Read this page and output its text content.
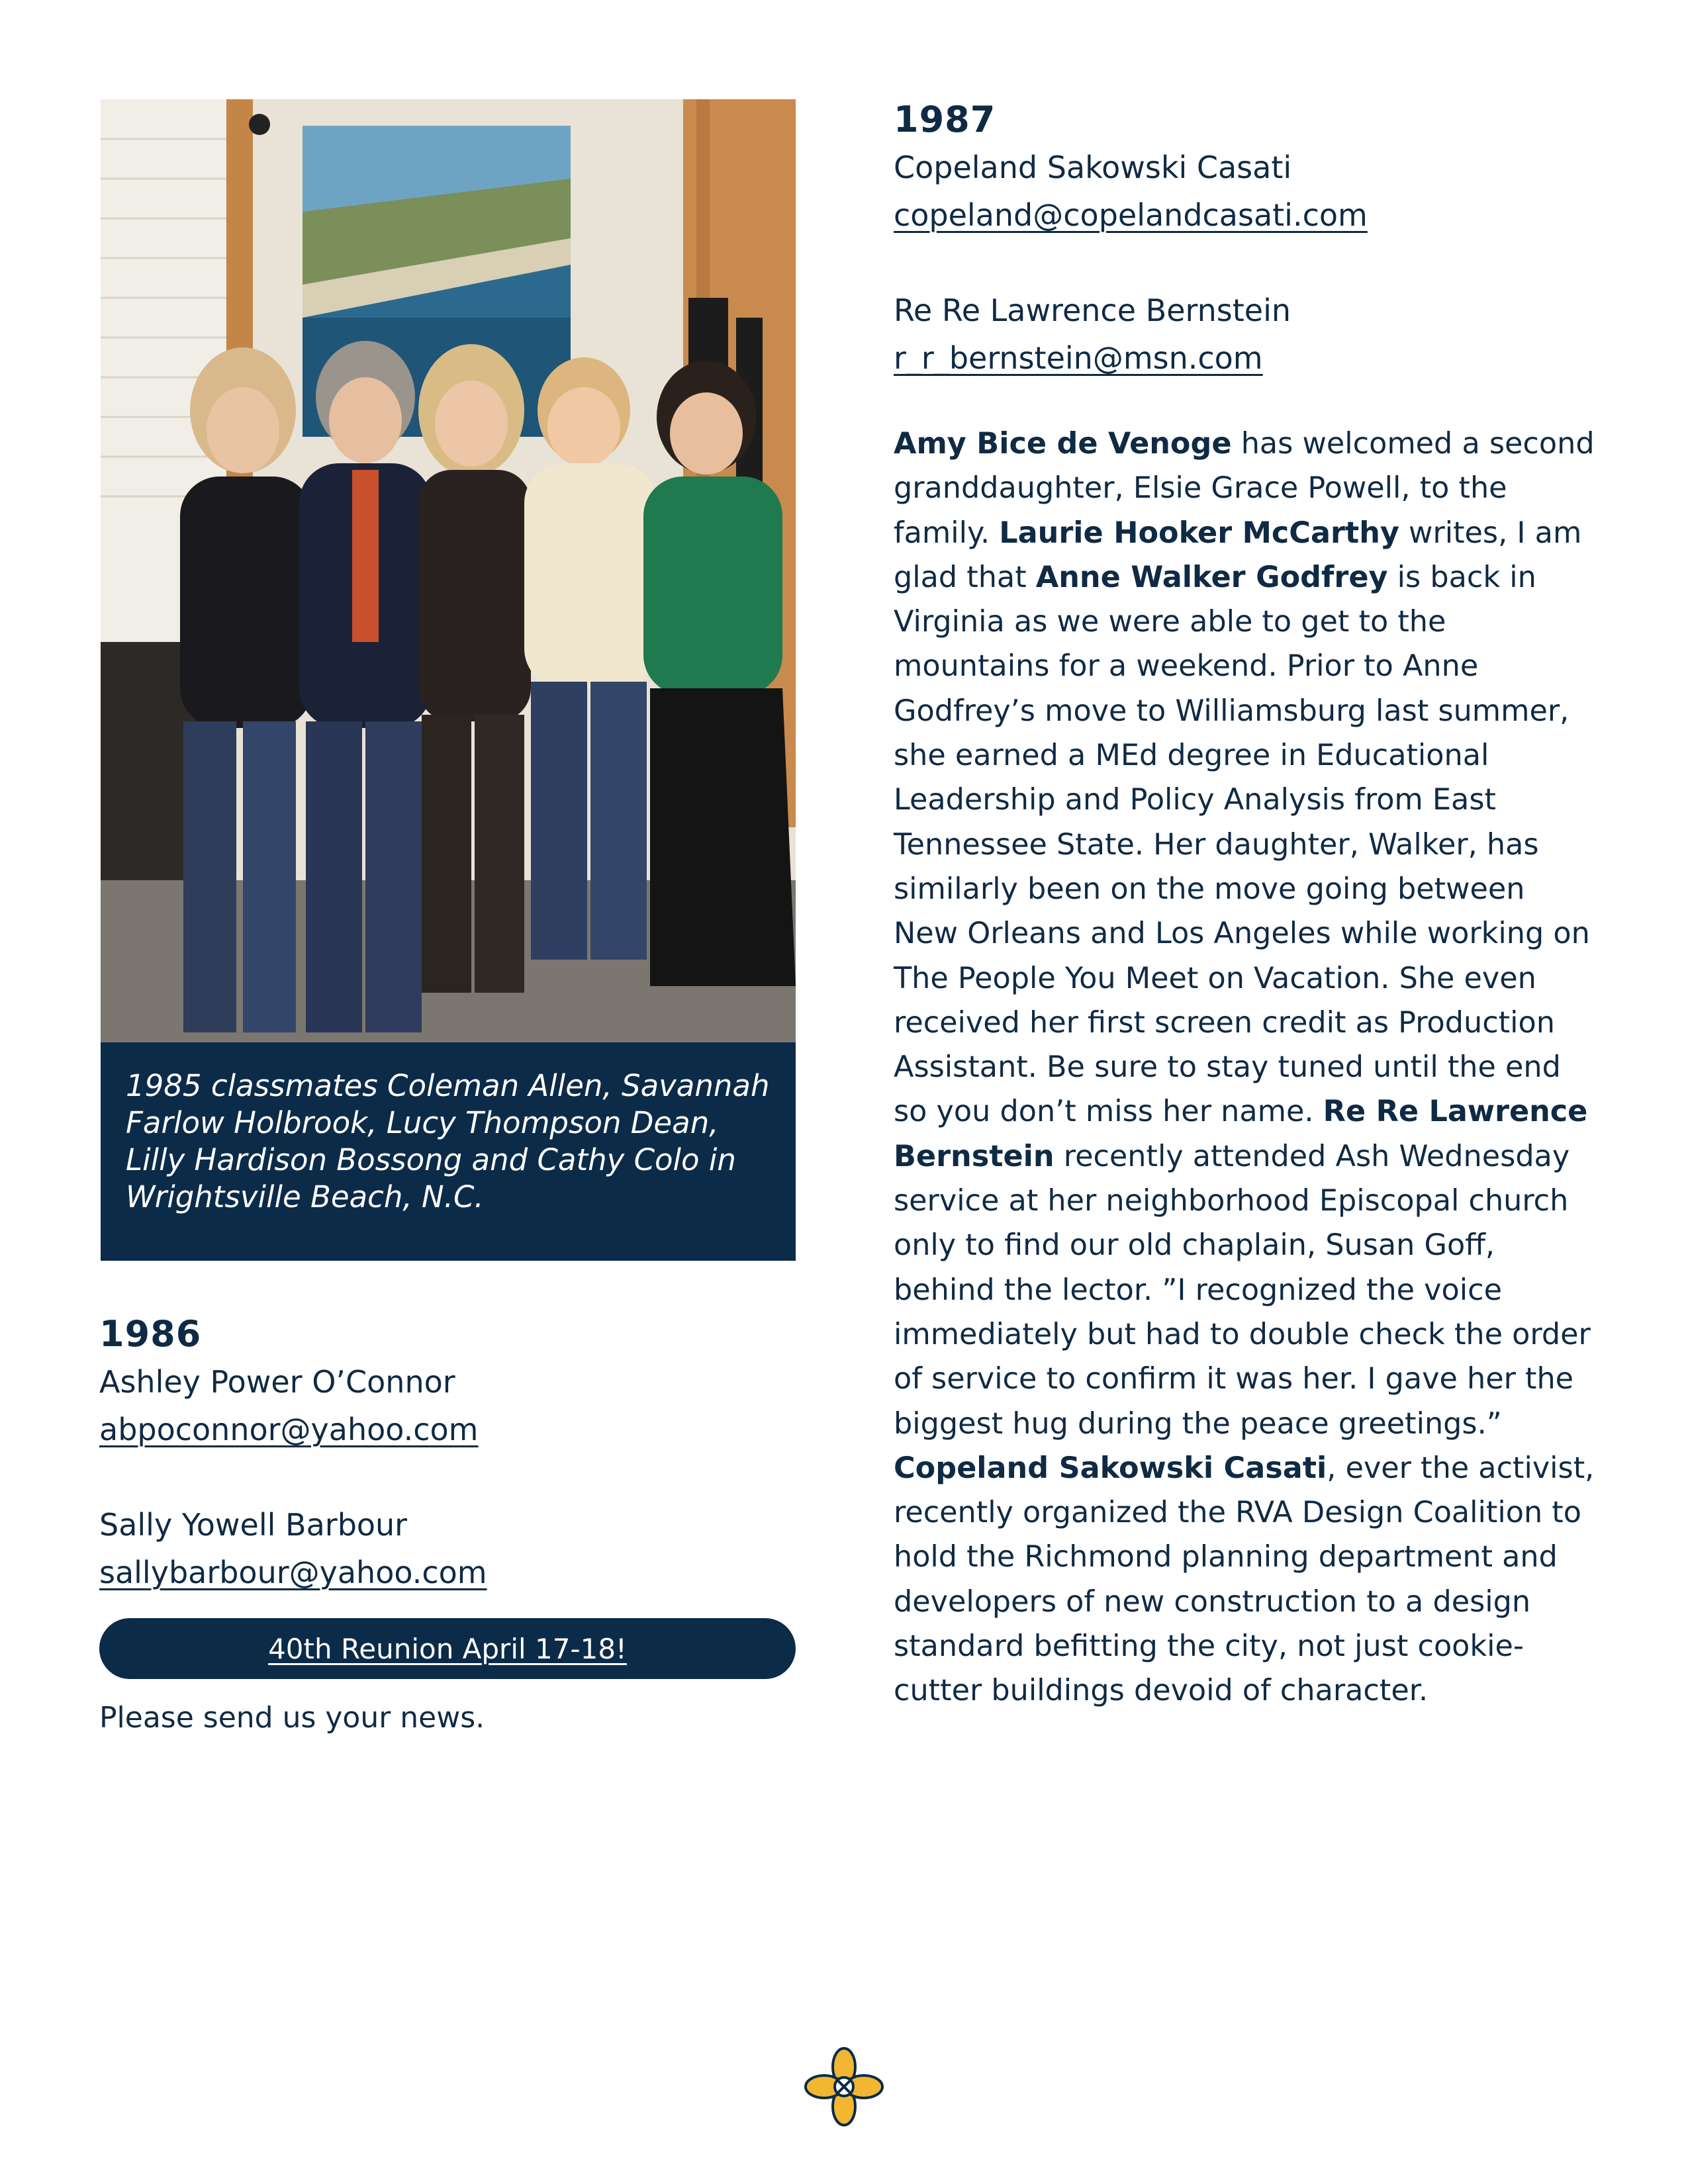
1985 classmates Coleman Allen, Savannah Farlow Holbrook, Lucy Thompson Dean, Lilly Hardison Bossong and Cathy Colo in Wrightsville Beach, N.C.
1986
Ashley Power O’Connor
abpoconnor@yahoo.com
Sally Yowell Barbour
sallybarbour@yahoo.com
40th Reunion April 17-18!
Please send us your news.
1987
Copeland Sakowski Casati
copeland@copelandcasati.com
Re Re Lawrence Bernstein
r_r_bernstein@msn.com
Amy Bice de Venoge has welcomed a second granddaughter, Elsie Grace Powell, to the family. Laurie Hooker McCarthy writes, I am glad that Anne Walker Godfrey is back in Virginia as we were able to get to the mountains for a weekend. Prior to Anne Godfrey’s move to Williamsburg last summer, she earned a MEd degree in Educational Leadership and Policy Analysis from East Tennessee State. Her daughter, Walker, has similarly been on the move going between New Orleans and Los Angeles while working on The People You Meet on Vacation. She even received her first screen credit as Production Assistant. Be sure to stay tuned until the end so you don’t miss her name. Re Re Lawrence Bernstein recently attended Ash Wednesday service at her neighborhood Episcopal church only to find our old chaplain, Susan Goff, behind the lector. ”I recognized the voice immediately but had to double check the order of service to confirm it was her. I gave her the biggest hug during the peace greetings.” Copeland Sakowski Casati, ever the activist, recently organized the RVA Design Coalition to hold the Richmond planning department and developers of new construction to a design standard befitting the city, not just cookie-cutter buildings devoid of character.
